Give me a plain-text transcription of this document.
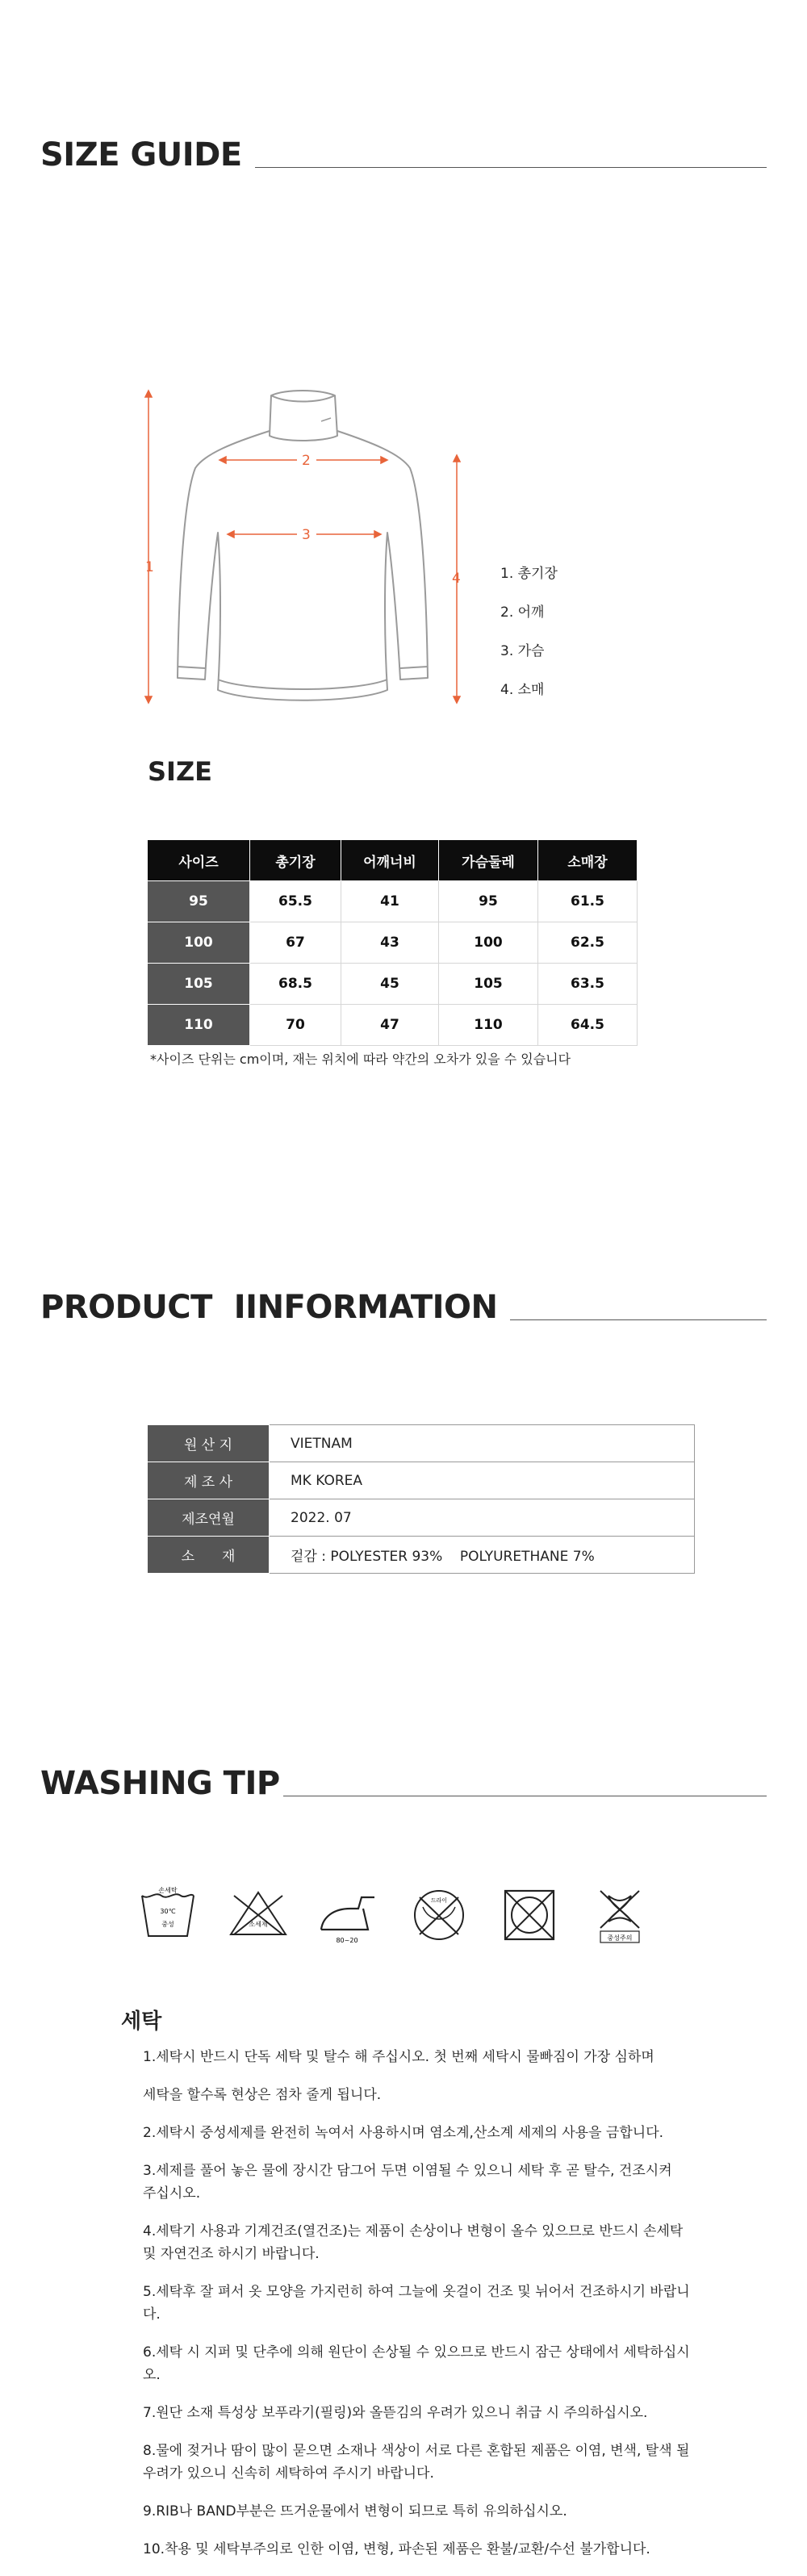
SIZE GUIDE
1
2
3
4	1. 총기장
2. 어깨
3. 가슴
4. 소매
SIZE
사이즈	총기장	어깨너비	가슴둘레	소매장
95	65.5	41	95	61.5
100	67	43	100	62.5
105	68.5	45	105	63.5
110	70	47	110	64.5
*사이즈 단위는 cm이며, 재는 위치에 따라 약간의 오차가 있을 수 있습니다
PRODUCT  IINFORMATION
원 산 지	VIETNAM
제 조 사	MK KOREA
제조연월	2022. 07
소　　재	겉감 : POLYESTER 93%    POLYURETHANE 7%
WASHING TIP
손세탁
30℃
중성	소세제
80~20
드라이
중성주의
세탁

1.세탁시 반드시 단독 세탁 및 탈수 해 주십시오. 첫 번째 세탁시 물빠짐이 가장 심하며

세탁을 할수록 현상은 점차 줄게 됩니다.

2.세탁시 중성세제를 완전히 녹여서 사용하시며 염소계,산소계 세제의 사용을 금합니다.

3.세제를 풀어 놓은 물에 장시간 담그어 두면 이염될 수 있으니 세탁 후 곧 탈수, 건조시켜
주십시오.

4.세탁기 사용과 기계건조(열건조)는 제품이 손상이나 변형이 올수 있으므로 반드시 손세탁
및 자연건조 하시기 바랍니다.

5.세탁후 잘 펴서 옷 모양을 가지런히 하여 그늘에 옷걸이 건조 및 뉘어서 건조하시기 바랍니다.

6.세탁 시 지퍼 및 단추에 의해 원단이 손상될 수 있으므로 반드시 잠근 상태에서 세탁하십시오.

7.원단 소재 특성상 보푸라기(필링)와 올뜯김의 우려가 있으니 취급 시 주의하십시오.

8.물에 젖거나 땀이 많이 묻으면 소재나 색상이 서로 다른 혼합된 제품은 이염, 변색, 탈색 될
우려가 있으니 신속히 세탁하여 주시기 바랍니다.

9.RIB나 BAND부분은 뜨거운물에서 변형이 되므로 특히 유의하십시오.

10.착용 및 세탁부주의로 인한 이염, 변형, 파손된 제품은 환불/교환/수선 불가합니다.
